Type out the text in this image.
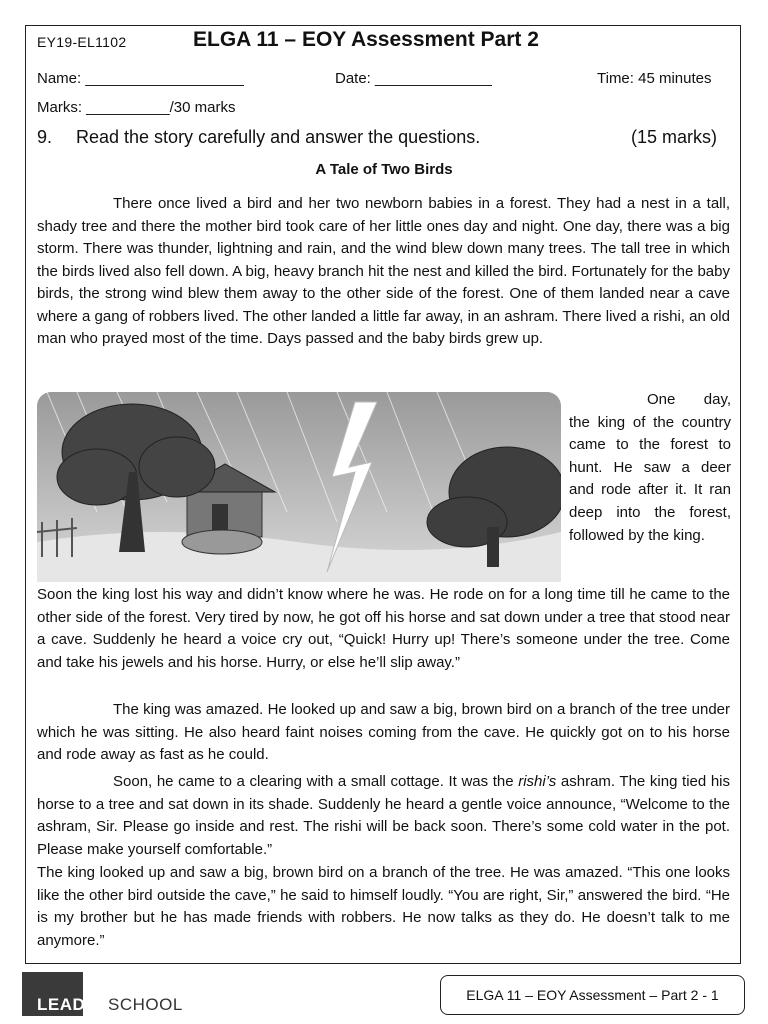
EY19-EL1102	ELGA 11 – EOY Assessment Part 2
Name: ___________________	Date: ______________	Time: 45 minutes
Marks: __________/30 marks
9. Read the story carefully and answer the questions.	(15 marks)
A Tale of Two Birds
There once lived a bird and her two newborn babies in a forest. They had a nest in a tall, shady tree and there the mother bird took care of her little ones day and night. One day, there was a big storm. There was thunder, lightning and rain, and the wind blew down many trees. The tall tree in which the birds lived also fell down. A big, heavy branch hit the nest and killed the bird. Fortunately for the baby birds, the strong wind blew them away to the other side of the forest. One of them landed near a cave where a gang of robbers lived. The other landed a little far away, in an ashram. There lived a rishi, an old man who prayed most of the time. Days passed and the baby birds grew up.
One day, the king of the country came to the forest to hunt. He saw a deer and rode after it. It ran deep into the forest, followed by the king.
Soon the king lost his way and didn’t know where he was. He rode on for a long time till he came to the other side of the forest. Very tired by now, he got off his horse and sat down under a tree that stood near a cave. Suddenly he heard a voice cry out, “Quick! Hurry up! There’s someone under the tree. Come and take his jewels and his horse. Hurry, or else he’ll slip away.”
The king was amazed. He looked up and saw a big, brown bird on a branch of the tree under which he was sitting. He also heard faint noises coming from the cave. He quickly got on to his horse and rode away as fast as he could.
Soon, he came to a clearing with a small cottage. It was the rishi’s ashram. The king tied his horse to a tree and sat down in its shade. Suddenly he heard a gentle voice announce, “Welcome to the ashram, Sir. Please go inside and rest. The rishi will be back soon. There’s some cold water in the pot. Please make yourself comfortable.”
The king looked up and saw a big, brown bird on a branch of the tree. He was amazed. “This one looks like the other bird outside the cave,” he said to himself loudly. “You are right, Sir,” answered the bird. “He is my brother but he has made friends with robbers. He now talks as they do. He doesn’t talk to me anymore.”
LEAD SCHOOL	ELGA 11 – EOY Assessment – Part 2 - 1
